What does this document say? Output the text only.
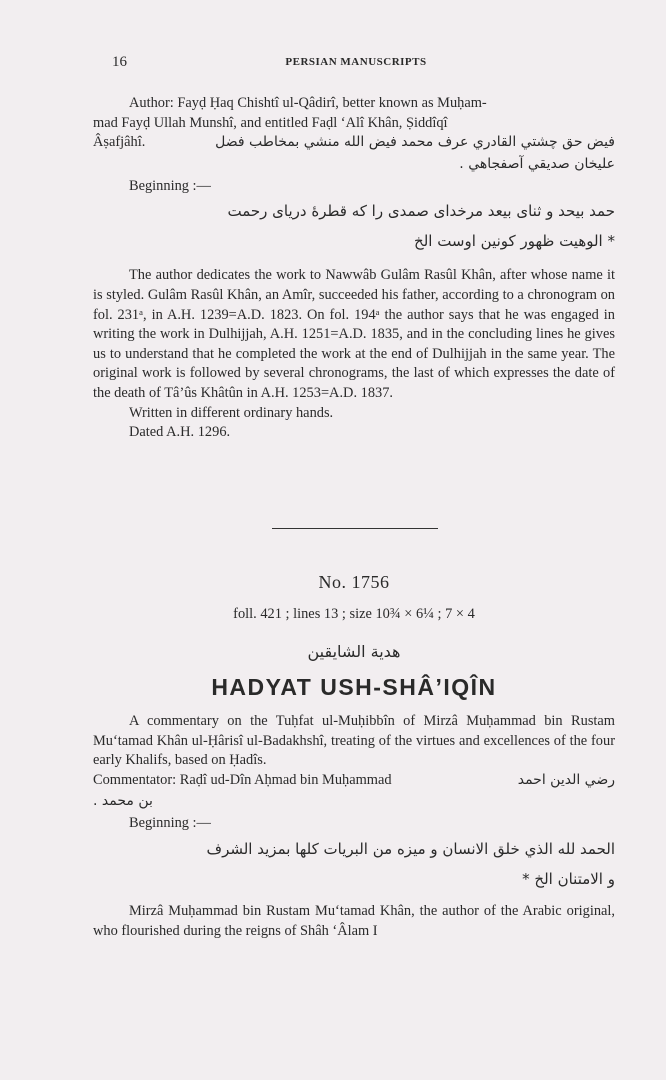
16	PERSIAN MANUSCRIPTS

Author: Fayḍ Ḥaq Chishtî ul-Qâdirî, better known as Muḥam-

mad Fayḍ Ullah Munshî, and entitled Faḍl ‘Alî Khân, Ṣiddîqî

Âṣafjâhî.	فيض حق چشتي القادري عرف محمد فيض الله منشي بمخاطب فضل

عليخان صديقي آصفجاهي .

Beginning :—

حمد بيحد و ثنای بيعد مرخدای صمدی را كه قطرهٔ دريای رحمت

* الوهيت ظهور كونين اوست الخ

The author dedicates the work to Nawwâb Gulâm Rasûl Khân, after whose name it is styled. Gulâm Rasûl Khân, an Amîr, succeeded his father, according to a chronogram on fol. 231ᵃ, in A.H. 1239=A.D. 1823. On fol. 194ᵃ the author says that he was engaged in writing the work in Dulhijjah, A.H. 1251=A.D. 1835, and in the concluding lines he gives us to understand that he completed the work at the end of Dulhijjah in the same year. The original work is followed by several chronograms, the last of which expresses the date of the death of Tâ’ûs Khâtûn in A.H. 1253=A.D. 1837.

Written in different ordinary hands.

Dated A.H. 1296.

No. 1756
foll. 421 ; lines 13 ; size 10¾ × 6¼ ; 7 × 4

هدية الشايقين

HADYAT USH-SHÂ’IQÎN

A commentary on the Tuḥfat ul-Muḥibbîn of Mirzâ Muḥammad bin Rustam Mu‘tamad Khân ul-Ḥârisî ul-Badakhshî, treating of the virtues and excellences of the four early Khalifs, based on Ḥadîs.

Commentator: Raḍî ud-Dîn Aḥmad bin Muḥammad	رضي الدين احمد

بن محمد .

Beginning :—

الحمد لله الذي خلق الانسان و ميزه من البريات كلها بمزيد الشرف

و الامتنان الخ *

Mirzâ Muḥammad bin Rustam Mu‘tamad Khân, the author of the Arabic original, who flourished during the reigns of Shâh ‘Âlam I
